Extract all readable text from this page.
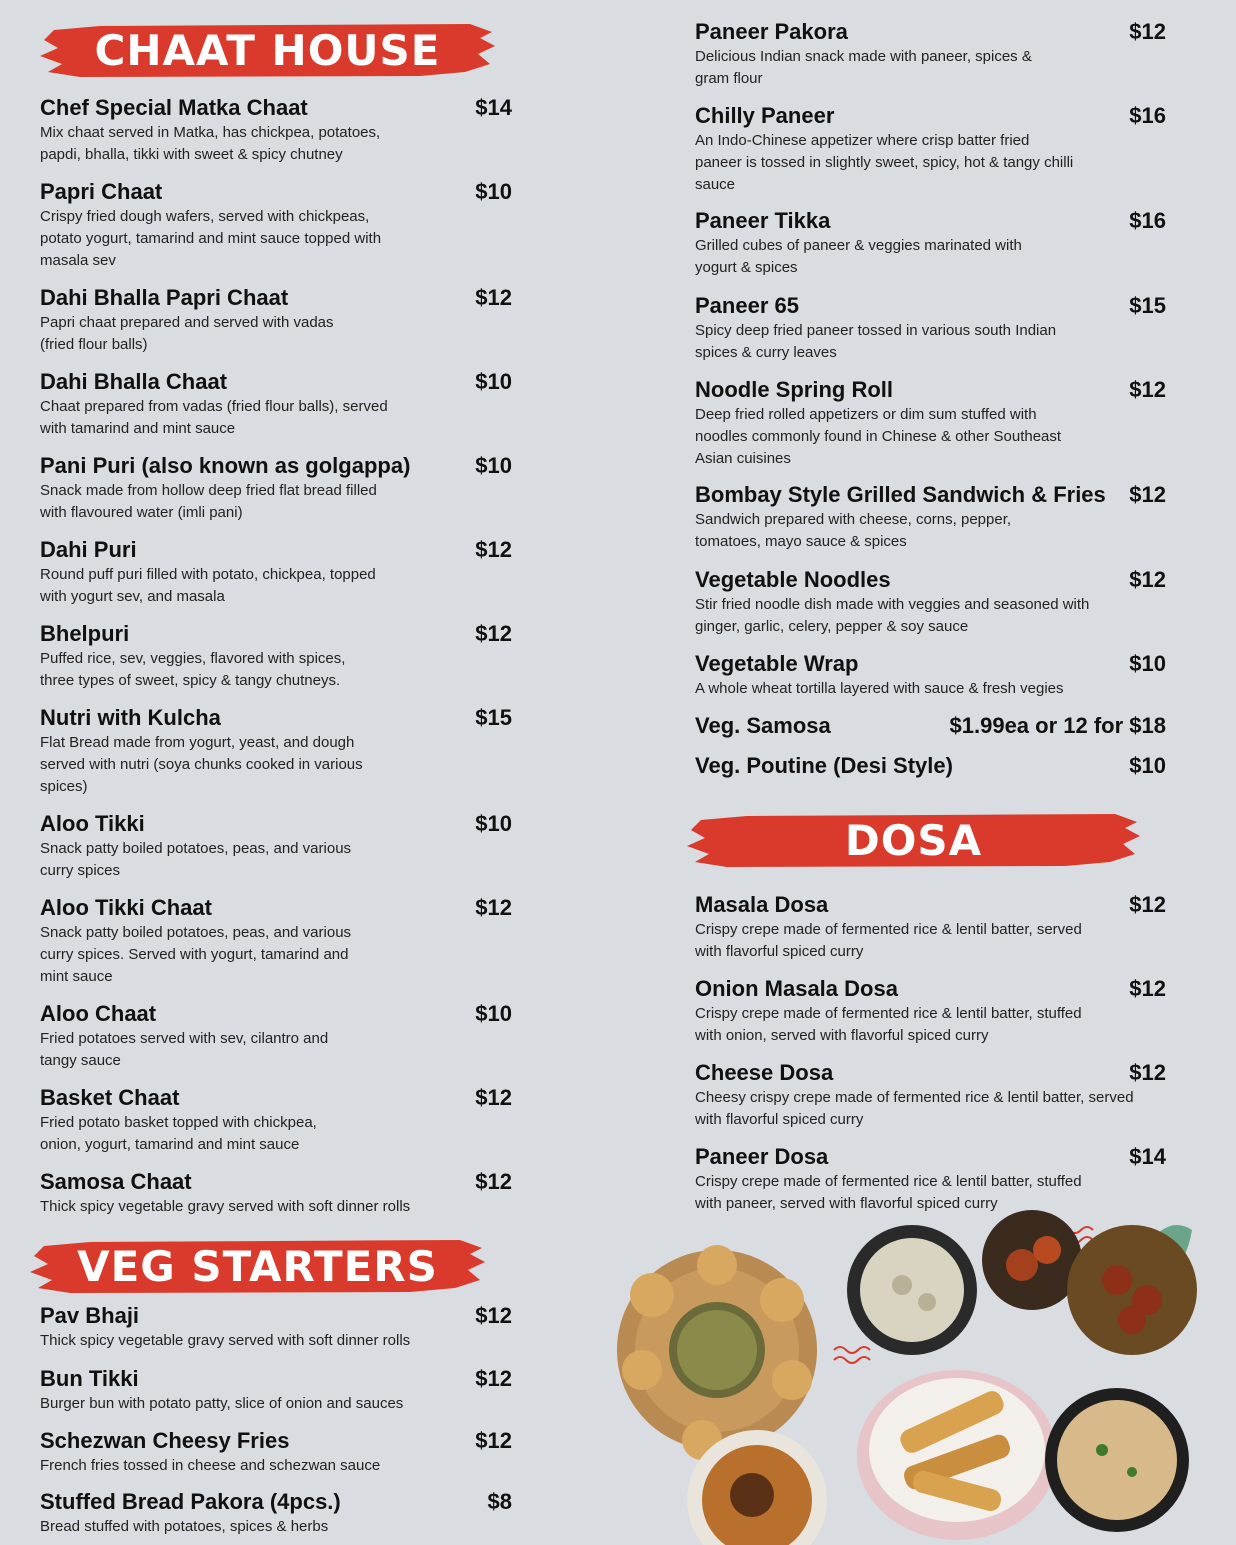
CHAAT HOUSE
VEG STARTERS
DOSA
Chef Special Matka Chaat	$14
Mix chaat served in Matka, has chickpea, potatoes, papdi, bhalla, tikki with sweet & spicy chutney
Papri Chaat	$10
Crispy fried dough wafers, served with chickpeas, potato yogurt, tamarind and mint sauce topped with masala sev
Dahi Bhalla Papri Chaat	$12
Papri chaat prepared and served with vadas (fried flour balls)
Dahi Bhalla Chaat	$10
Chaat prepared from vadas (fried flour balls), served with tamarind and mint sauce
Pani Puri (also known as golgappa)	$10
Snack made from hollow deep fried flat bread filled with flavoured water (imli pani)
Dahi Puri	$12
Round puff puri filled with potato, chickpea, topped with yogurt sev, and masala
Bhelpuri	$12
Puffed rice, sev, veggies, flavored with spices, three types of sweet, spicy & tangy chutneys.
Nutri with Kulcha	$15
Flat Bread made from yogurt, yeast, and dough served with nutri (soya chunks cooked in various spices)
Aloo Tikki	$10
Snack patty boiled potatoes, peas, and various curry spices
Aloo Tikki Chaat	$12
Snack patty boiled potatoes, peas, and various curry spices. Served with yogurt, tamarind and mint sauce
Aloo Chaat	$10
Fried potatoes served with sev, cilantro and tangy sauce
Basket Chaat	$12
Fried potato basket topped with chickpea, onion, yogurt, tamarind and mint sauce
Samosa Chaat	$12
Thick spicy vegetable gravy served with soft dinner rolls
Pav Bhaji	$12
Thick spicy vegetable gravy served with soft dinner rolls
Bun Tikki	$12
Burger bun with potato patty, slice of onion and sauces
Schezwan Cheesy Fries	$12
French fries tossed in cheese and schezwan sauce
Stuffed Bread Pakora (4pcs.)	$8
Bread stuffed with potatoes, spices & herbs
Paneer Pakora	$12
Delicious Indian snack made with paneer, spices & gram flour
Chilly Paneer	$16
An Indo-Chinese appetizer where crisp batter fried paneer is tossed in slightly sweet, spicy, hot & tangy chilli sauce
Paneer Tikka	$16
Grilled cubes of paneer & veggies marinated with yogurt & spices
Paneer 65	$15
Spicy deep fried paneer tossed in various south Indian spices & curry leaves
Noodle Spring Roll	$12
Deep fried rolled appetizers or dim sum stuffed with noodles commonly found in Chinese & other Southeast Asian cuisines
Bombay Style Grilled Sandwich & Fries	$12
Sandwich prepared with cheese, corns, pepper, tomatoes, mayo sauce & spices
Vegetable Noodles	$12
Stir fried noodle dish made with veggies and seasoned with ginger, garlic, celery, pepper & soy sauce
Vegetable Wrap	$10
A whole wheat tortilla layered with sauce & fresh vegies
Veg. Samosa	$1.99ea or 12 for $18
Veg. Poutine (Desi Style)	$10
Masala Dosa	$12
Crispy crepe made of fermented rice & lentil batter, served with flavorful spiced curry
Onion Masala Dosa	$12
Crispy crepe made of fermented rice & lentil batter, stuffed with onion, served with flavorful spiced curry
Cheese Dosa	$12
Cheesy crispy crepe made of fermented rice & lentil batter, served with flavorful spiced curry
Paneer Dosa	$14
Crispy crepe made of fermented rice & lentil batter, stuffed with paneer, served with flavorful spiced curry
